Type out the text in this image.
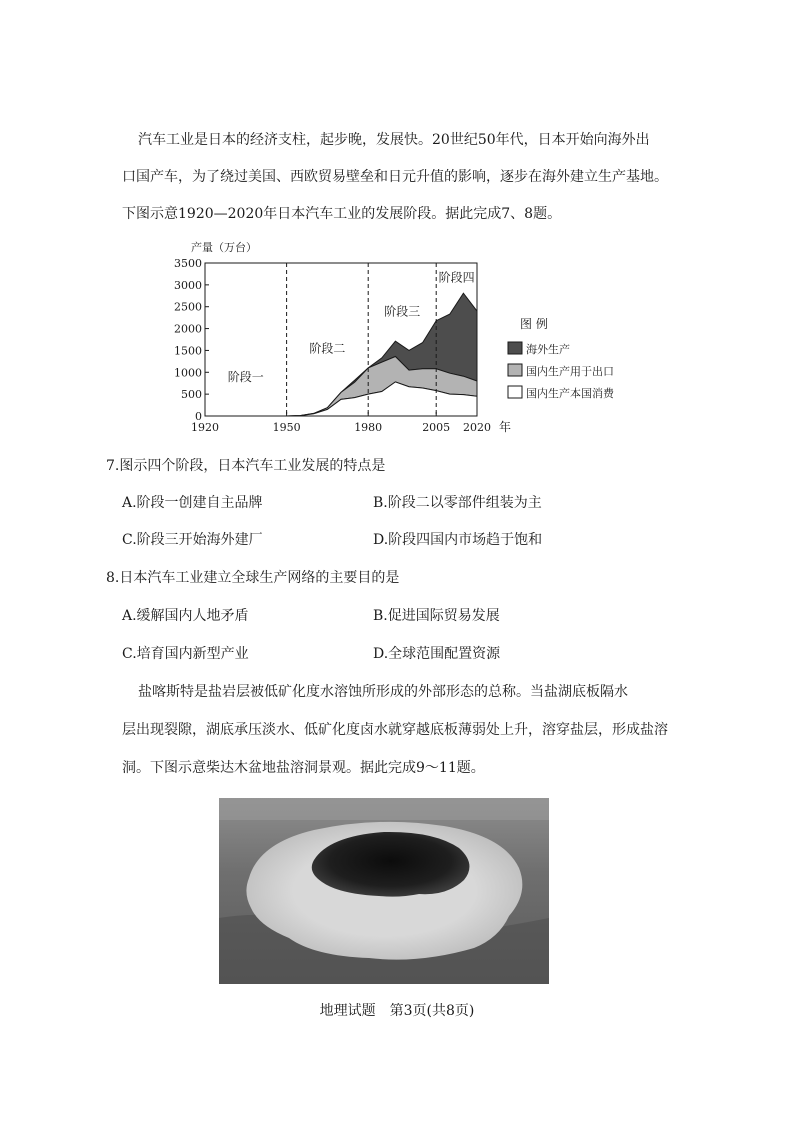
汽车工业是日本的经济支柱，起步晚，发展快。20世纪50年代，日本开始向海外出
口国产车，为了绕过美国、西欧贸易壁垒和日元升值的影响，逐步在海外建立生产基地。
下图示意1920—2020年日本汽车工业的发展阶段。据此完成7、8题。
0
500
1000
1500
2000
2500
3000
3500
1920	1950	1980	2005 2020 年
产量（万台）
阶段一
阶段二
阶段三
阶段四
图 例
海外生产
国内生产用于出口
国内生产本国消费
7.图示四个阶段，日本汽车工业发展的特点是
A.阶段一创建自主品牌	B.阶段二以零部件组装为主
C.阶段三开始海外建厂	D.阶段四国内市场趋于饱和
8.日本汽车工业建立全球生产网络的主要目的是
A.缓解国内人地矛盾	B.促进国际贸易发展
C.培育国内新型产业	D.全球范围配置资源
盐喀斯特是盐岩层被低矿化度水溶蚀所形成的外部形态的总称。当盐湖底板隔水
层出现裂隙，湖底承压淡水、低矿化度卤水就穿越底板薄弱处上升，溶穿盐层，形成盐溶
洞。下图示意柴达木盆地盐溶洞景观。据此完成9～11题。
地理试题　第3页(共8页)
